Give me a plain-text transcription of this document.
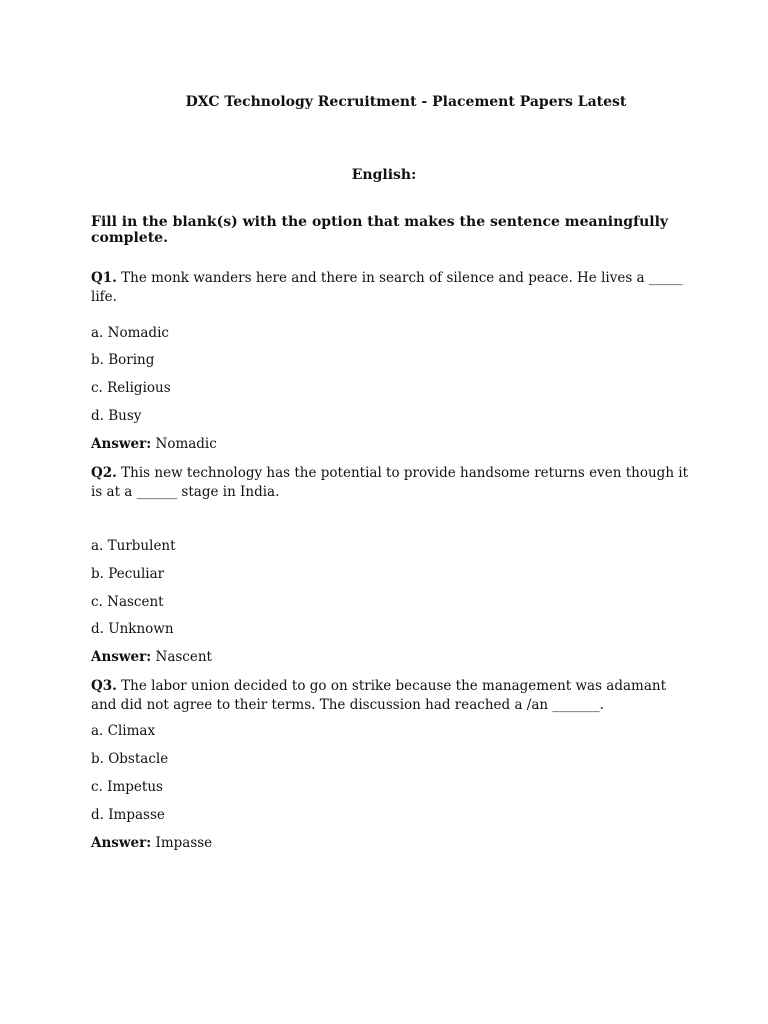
DXC Technology Recruitment - Placement Papers Latest
English:
Fill in the blank(s) with the option that makes the sentence meaningfully complete.
Q1. The monk wanders here and there in search of silence and peace. He lives a _____ life.
a. Nomadic
b. Boring
c. Religious
d. Busy
Answer: Nomadic
Q2. This new technology has the potential to provide handsome returns even though it is at a ______ stage in India.
a. Turbulent
b. Peculiar
c. Nascent
d. Unknown
Answer: Nascent
Q3. The labor union decided to go on strike because the management was adamant and did not agree to their terms. The discussion had reached a /an _______.
a. Climax
b. Obstacle
c. Impetus
d. Impasse
Answer: Impasse
